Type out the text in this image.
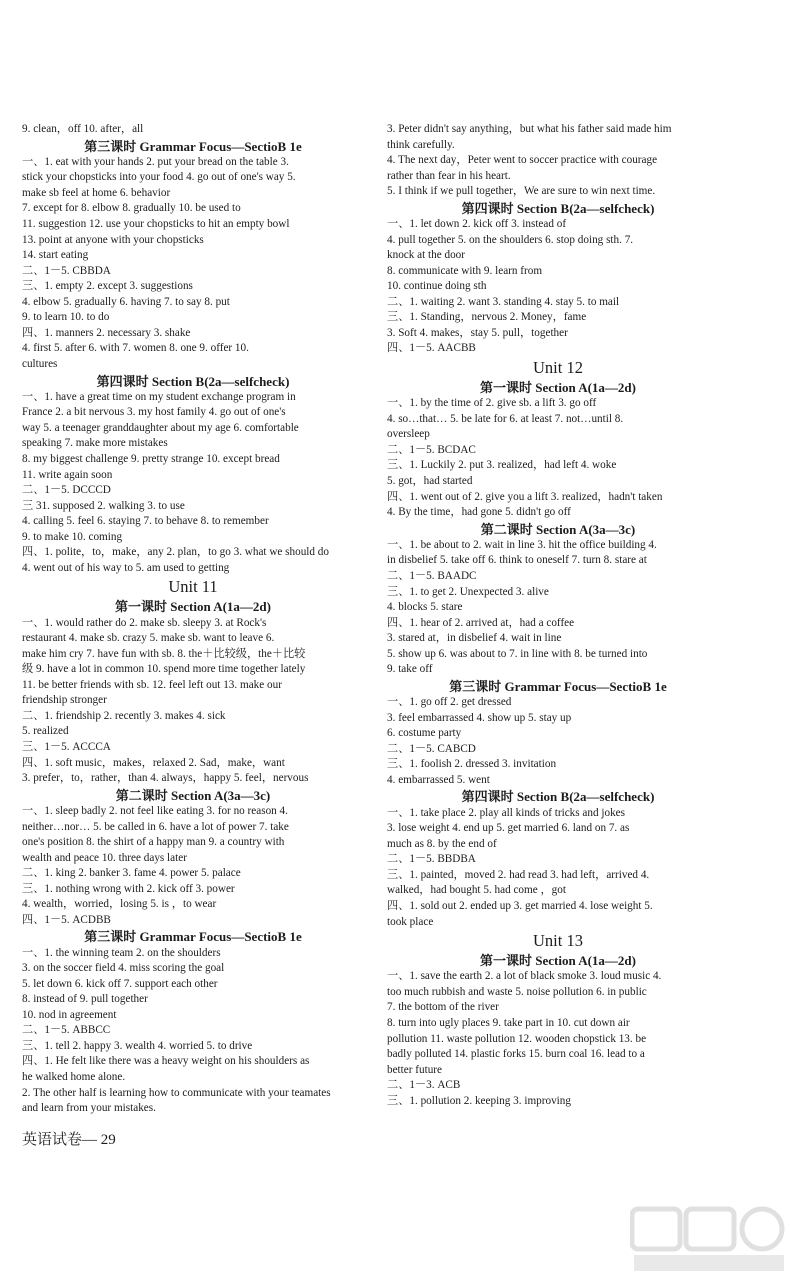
9. clean，off 10. after，all
第三课时 Grammar Focus—SectioB 1e
一、1. eat with your hands 2. put your bread on the table 3.
stick your chopsticks into your food 4. go out of one's way 5.
make sb feel at home 6. behavior
7. except for 8. elbow 8. gradually 10. be used to
11. suggestion 12. use your chopsticks to hit an empty bowl
13. point at anyone with your chopsticks
14. start eating
二、1－5. CBBDA
三、1. empty 2. except 3. suggestions
4. elbow 5. gradually 6. having 7. to say 8. put
9. to learn 10. to do
四、1. manners 2. necessary 3. shake
4. first 5. after 6. with 7. women 8. one 9. offer 10.
cultures
第四课时 Section B(2a—selfcheck)
一、1. have a great time on my student exchange program in
France 2. a bit nervous 3. my host family 4. go out of one's
way 5. a teenager granddaughter about my age 6. comfortable
speaking 7. make more mistakes
8. my biggest challenge 9. pretty strange 10. except bread
11. write again soon
二、1－5. DCCCD
三 31. supposed 2. walking 3. to use
4. calling 5. feel 6. staying 7. to behave 8. to remember
9. to make 10. coming
四、1. polite，to，make，any 2. plan，to go 3. what we should do
4. went out of his way to 5. am used to getting
Unit 11
第一课时 Section A(1a—2d)
一、1. would rather do 2. make sb. sleepy 3. at Rock's
restaurant 4. make sb. crazy 5. make sb. want to leave 6.
make him cry 7. have fun with sb. 8. the＋比较级，the＋比较
级 9. have a lot in common 10. spend more time together lately
11. be better friends with sb. 12. feel left out 13. make our
friendship stronger
二、1. friendship 2. recently 3. makes 4. sick
5. realized
三、1－5. ACCCA
四、1. soft music，makes，relaxed 2. Sad，make，want
3. prefer，to，rather，than 4. always，happy 5. feel，nervous
第二课时 Section A(3a—3c)
一、1. sleep badly 2. not feel like eating 3. for no reason 4.
neither…nor… 5. be called in 6. have a lot of power 7. take
one's position 8. the shirt of a happy man 9. a country with
wealth and peace 10. three days later
二、1. king 2. banker 3. fame 4. power 5. palace
三、1. nothing wrong with 2. kick off 3. power
4. wealth，worried，losing 5. is ，to wear
四、1－5. ACDBB
第三课时 Grammar Focus—SectioB 1e
一、1. the winning team 2. on the shoulders
3. on the soccer field 4. miss scoring the goal
5. let down 6. kick off 7. support each other
8. instead of 9. pull together
10. nod in agreement
二、1－5. ABBCC
三、1. tell 2. happy 3. wealth 4. worried 5. to drive
四、1. He felt like there was a heavy weight on his shoulders as
he walked home alone.
2. The other half is learning how to communicate with your teamates
and learn from your mistakes.
3. Peter didn't say anything，but what his father said made him
think carefully.
4. The next day，Peter went to soccer practice with courage
rather than fear in his heart.
5. I think if we pull together，We are sure to win next time.
第四课时 Section B(2a—selfcheck)
一、1. let down 2. kick off 3. instead of
4. pull together 5. on the shoulders 6. stop doing sth. 7.
knock at the door
8. communicate with 9. learn from
10. continue doing sth
二、1. waiting 2. want 3. standing 4. stay 5. to mail
三、1. Standing，nervous 2. Money，fame
3. Soft 4. makes，stay 5. pull，together
四、1－5. AACBB
Unit 12
第一课时 Section A(1a—2d)
一、1. by the time of 2. give sb. a lift 3. go off
4. so…that… 5. be late for 6. at least 7. not…until 8.
oversleep
二、1－5. BCDAC
三、1. Luckily 2. put 3. realized，had left 4. woke
5. got，had started
四、1. went out of 2. give you a lift 3. realized，hadn't taken
4. By the time，had gone 5. didn't go off
第二课时 Section A(3a—3c)
一、1. be about to 2. wait in line 3. hit the office building 4.
in disbelief 5. take off 6. think to oneself 7. turn 8. stare at
二、1－5. BAADC
三、1. to get 2. Unexpected 3. alive
4. blocks 5. stare
四、1. hear of 2. arrived at，had a coffee
3. stared at，in disbelief 4. wait in line
5. show up 6. was about to 7. in line with 8. be turned into
9. take off
第三课时 Grammar Focus—SectioB 1e
一、1. go off 2. get dressed
3. feel embarrassed 4. show up 5. stay up
6. costume party
二、1－5. CABCD
三、1. foolish 2. dressed 3. invitation
4. embarrassed 5. went
第四课时 Section B(2a—selfcheck)
一、1. take place 2. play all kinds of tricks and jokes
3. lose weight 4. end up 5. get married 6. land on 7. as
much as 8. by the end of
二、1－5. BBDBA
三、1. painted，moved 2. had read 3. had left，arrived 4.
walked，had bought 5. had come ，got
四、1. sold out 2. ended up 3. get married 4. lose weight 5.
took place
Unit 13
第一课时 Section A(1a—2d)
一、1. save the earth 2. a lot of black smoke 3. loud music 4.
too much rubbish and waste 5. noise pollution 6. in public
7. the bottom of the river
8. turn into ugly places 9. take part in 10. cut down air
pollution 11. waste pollution 12. wooden chopstick 13. be
badly polluted 14. plastic forks 15. burn coal 16. lead to a
better future
二、1－3. ACB
三、1. pollution 2. keeping 3. improving
英语试卷— 29
